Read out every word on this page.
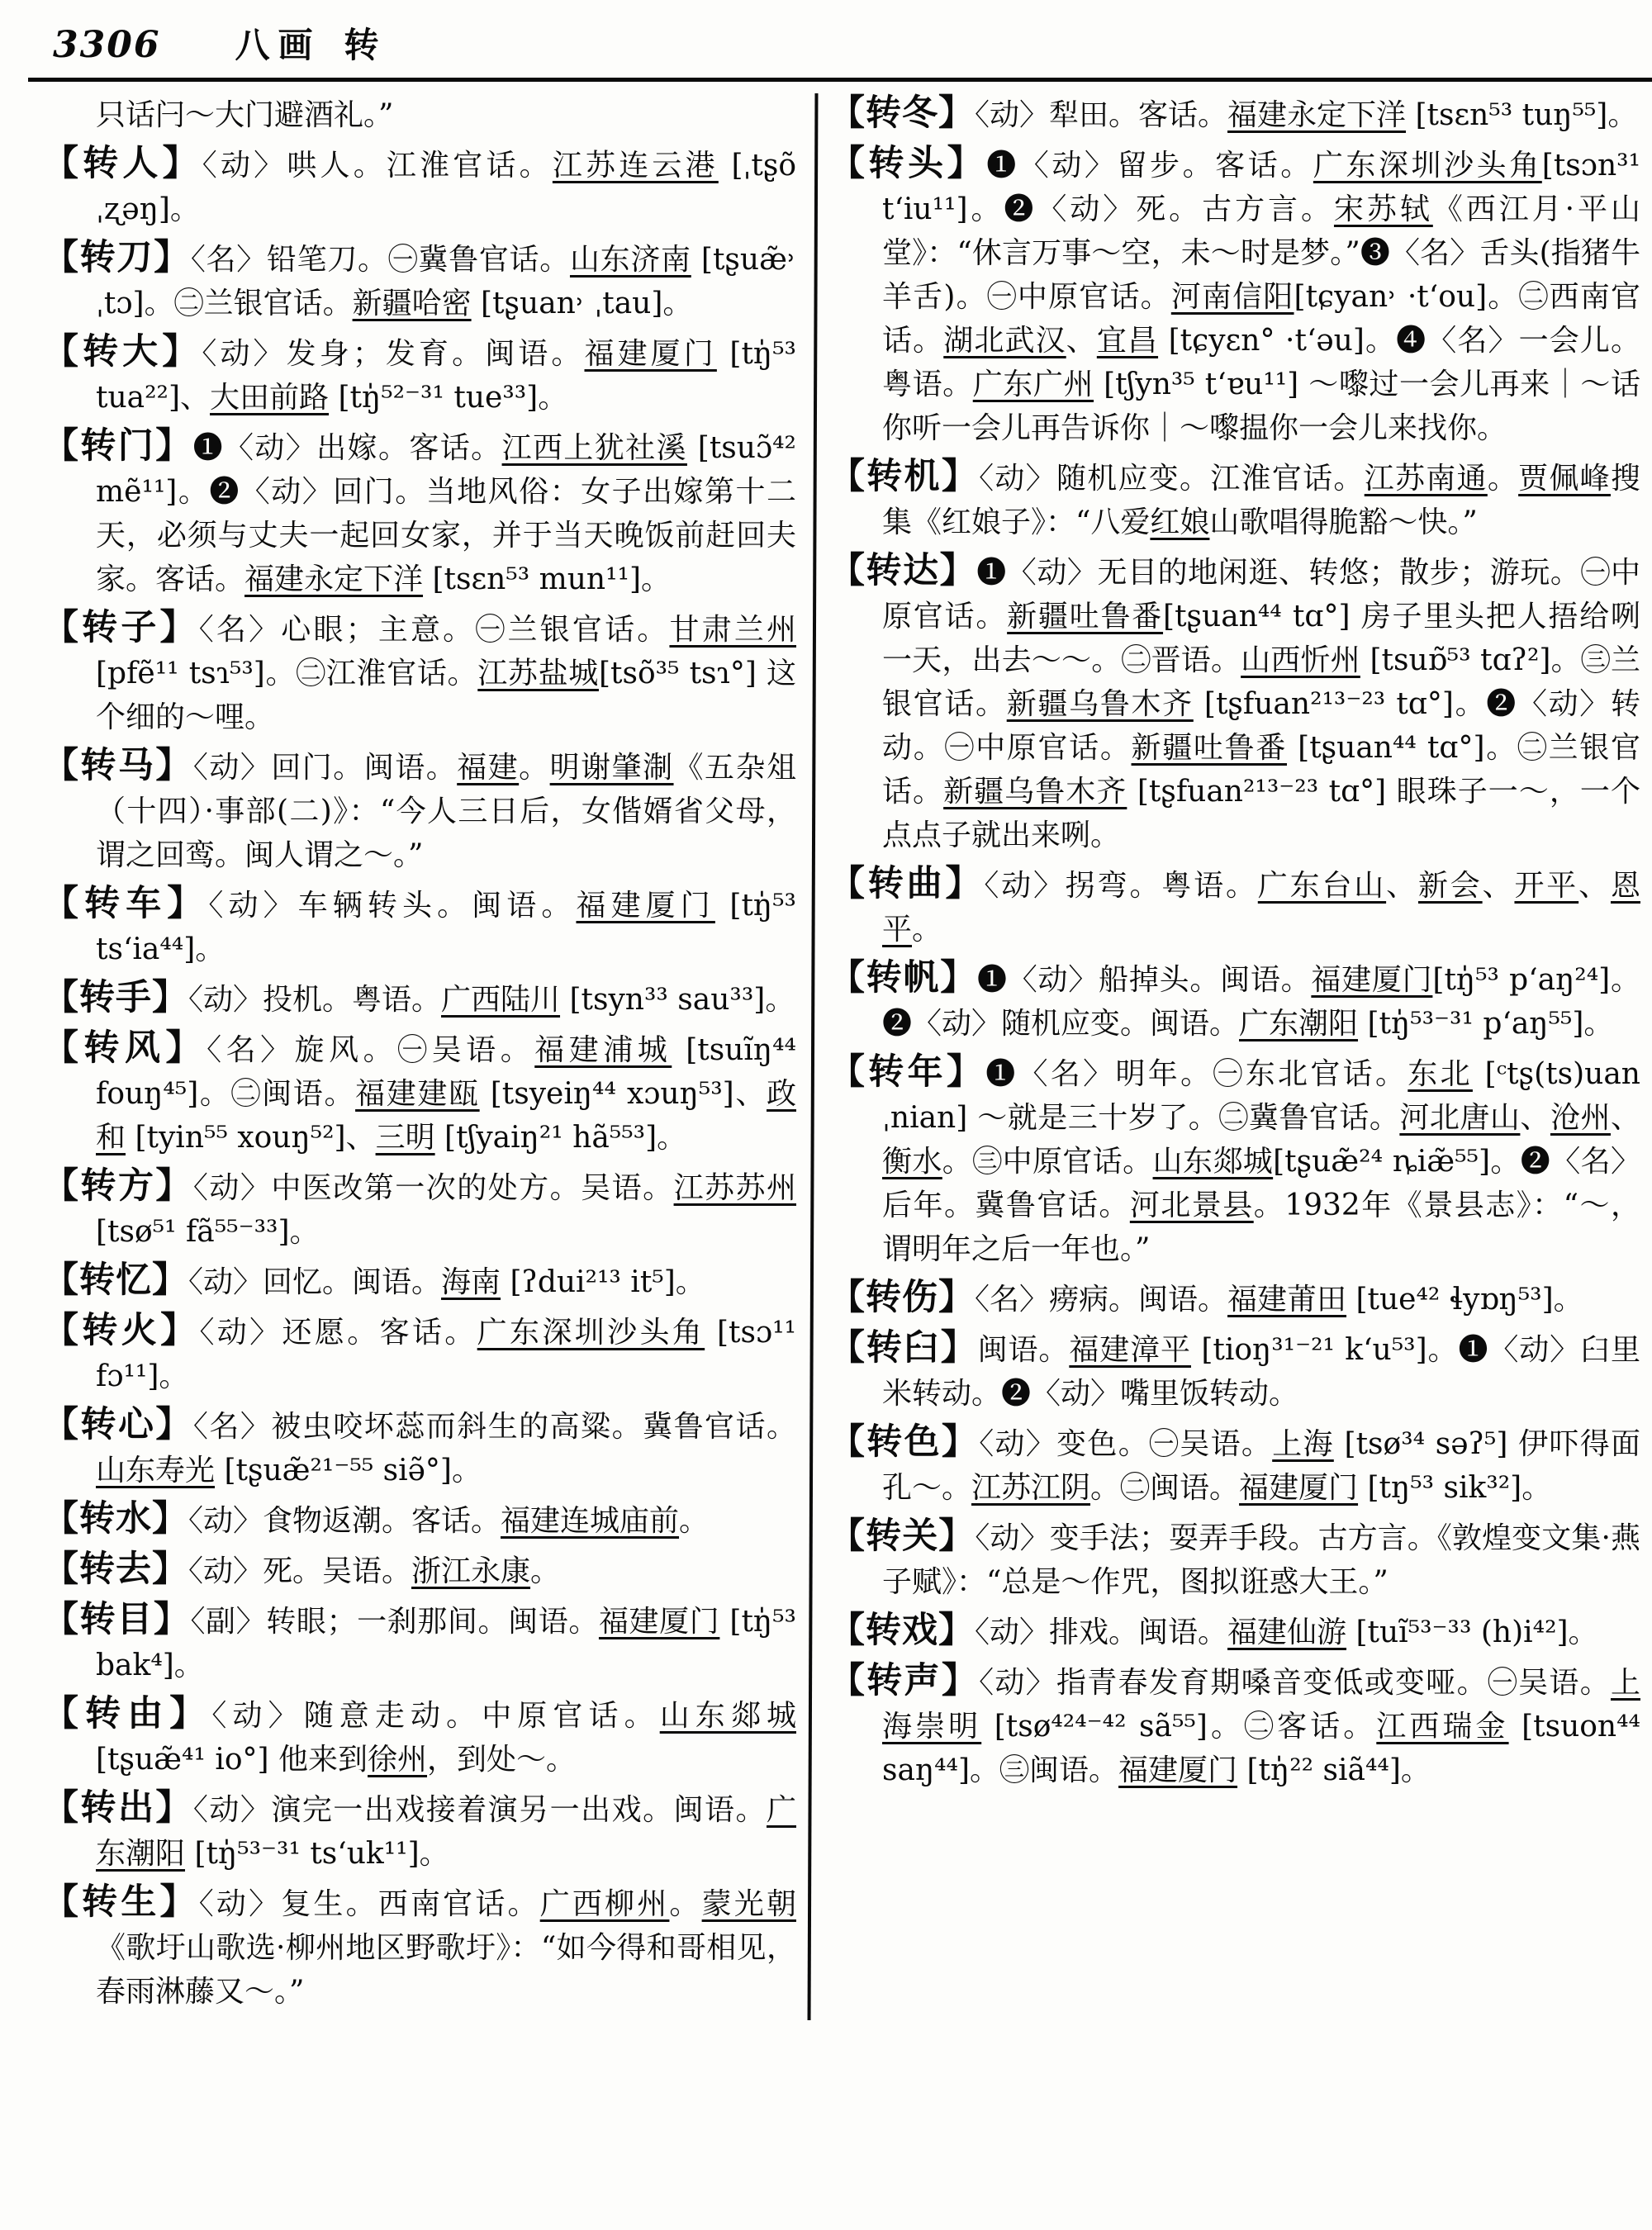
3306 八画 转
只话闩～大门避酒礼。”
【转人】〈动〉哄人。江淮官话。江苏连云港 [ˌtʂõ ˌʐəŋ]。
【转刀】〈名〉铅笔刀。㊀冀鲁官话。山东济南 [tʂuæ̃˒ ˌtɔ]。㊁兰银官话。新疆哈密 [tʂuan˒ ˌtau]。
【转大】〈动〉发身；发育。闽语。福建厦门 [tŋ̍⁵³ tua²²]、大田前路 [tŋ̍⁵²⁻³¹ tue³³]。
【转门】❶〈动〉出嫁。客话。江西上犹社溪 [tsuɔ̃⁴² mẽ¹¹]。❷〈动〉回门。当地风俗：女子出嫁第十二天，必须与丈夫一起回女家，并于当天晚饭前赶回夫家。客话。福建永定下洋 [tsɛn⁵³ mun¹¹]。
【转子】〈名〉心眼；主意。㊀兰银官话。甘肃兰州 [pfẽ¹¹ tsɿ⁵³]。㊁江淮官话。江苏盐城[tsõ³⁵ tsɿ°] 这个细的～哩。
【转马】〈动〉回门。闽语。福建。明谢肇淛《五杂俎（十四）·事部(二)》：“今人三日后，女偕婿省父母，谓之回鸾。闽人谓之～。”
【转车】〈动〉车辆转头。闽语。福建厦门 [tŋ̍⁵³ ts‘ia⁴⁴]。
【转手】〈动〉投机。粤语。广西陆川 [tsyn³³ sau³³]。
【转风】〈名〉旋风。㊀吴语。福建浦城 [tsuĩŋ⁴⁴ fouŋ⁴⁵]。㊁闽语。福建建瓯 [tsyeiŋ⁴⁴ xɔuŋ⁵³]、政和 [tyin⁵⁵ xouŋ⁵²]、三明 [tʃyaiŋ²¹ hã⁵⁵³]。
【转方】〈动〉中医改第一次的处方。吴语。江苏苏州 [tsø⁵¹ fã⁵⁵⁻³³]。
【转忆】〈动〉回忆。闽语。海南 [ʔdui²¹³ it⁵]。
【转火】〈动〉还愿。客话。广东深圳沙头角 [tsɔ¹¹ fɔ¹¹]。
【转心】〈名〉被虫咬坏蕊而斜生的高粱。冀鲁官话。山东寿光 [tʂuæ̃²¹⁻⁵⁵ siə̃°]。
【转水】〈动〉食物返潮。客话。福建连城庙前。
【转去】〈动〉死。吴语。浙江永康。
【转目】〈副〉转眼；一刹那间。闽语。福建厦门 [tŋ̍⁵³ bak⁴]。
【转由】〈动〉随意走动。中原官话。山东郯城 [tʂuæ̃⁴¹ io°] 他来到徐州，到处～。
【转出】〈动〉演完一出戏接着演另一出戏。闽语。广东潮阳 [tŋ̍⁵³⁻³¹ ts‘uk¹¹]。
【转生】〈动〉复生。西南官话。广西柳州。蒙光朝《歌圩山歌选·柳州地区野歌圩》：“如今得和哥相见，春雨淋藤又～。”
【转冬】〈动〉犁田。客话。福建永定下洋 [tsɛn⁵³ tuŋ⁵⁵]。
【转头】❶〈动〉留步。客话。广东深圳沙头角[tsɔn³¹ t‘iu¹¹]。❷〈动〉死。古方言。宋苏轼《西江月·平山堂》：“休言万事～空，未～时是梦。”❸〈名〉舌头(指猪牛羊舌)。㊀中原官话。河南信阳[tɕyan˒ ·t‘ou]。㊁西南官话。湖北武汉、宜昌 [tɕyɛn° ·t‘əu]。❹〈名〉一会儿。粤语。广东广州 [tʃyn³⁵ t‘ɐu¹¹] ～嚟过一会儿再来｜～话你听一会儿再告诉你｜～嚟揾你一会儿来找你。
【转机】〈动〉随机应变。江淮官话。江苏南通。贾佩峰搜集《红娘子》：“八爱红娘山歌唱得脆豁～快。”
【转达】❶〈动〉无目的地闲逛、转悠；散步；游玩。㊀中原官话。新疆吐鲁番[tʂuan⁴⁴ tɑ°] 房子里头把人捂给咧一天，出去～～。㊁晋语。山西忻州 [tsuɒ̃⁵³ tɑʔ²]。㊂兰银官话。新疆乌鲁木齐 [tʂfuan²¹³⁻²³ tɑ°]。❷〈动〉转动。㊀中原官话。新疆吐鲁番 [tʂuan⁴⁴ tɑ°]。㊁兰银官话。新疆乌鲁木齐 [tʂfuan²¹³⁻²³ tɑ°] 眼珠子一～，一个点点子就出来咧。
【转曲】〈动〉拐弯。粤语。广东台山、新会、开平、恩平。
【转帆】❶〈动〉船掉头。闽语。福建厦门[tŋ̍⁵³ p‘aŋ²⁴]。❷〈动〉随机应变。闽语。广东潮阳 [tŋ̍⁵³⁻³¹ p‘aŋ⁵⁵]。
【转年】❶〈名〉明年。㊀东北官话。东北 [ᶜtʂ(ts)uan ˌnian] ～就是三十岁了。㊁冀鲁官话。河北唐山、沧州、衡水。㊂中原官话。山东郯城[tʂuæ̃²⁴ ȵiæ̃⁵⁵]。❷〈名〉后年。冀鲁官话。河北景县。1932年《景县志》：“～，谓明年之后一年也。”
【转伤】〈名〉痨病。闽语。福建莆田 [tue⁴² ɬyɒŋ⁵³]。
【转臼】闽语。福建漳平 [tioŋ³¹⁻²¹ k‘u⁵³]。❶〈动〉臼里米转动。❷〈动〉嘴里饭转动。
【转色】〈动〉变色。㊀吴语。上海 [tsø³⁴ səʔ⁵] 伊吓得面孔～。江苏江阴。㊁闽语。福建厦门 [tŋ⁵³ sik³²]。
【转关】〈动〉变手法；耍弄手段。古方言。《敦煌变文集·燕子赋》：“总是～作咒，图拟诳惑大王。”
【转戏】〈动〉排戏。闽语。福建仙游 [tuĩ⁵³⁻³³ (h)i⁴²]。
【转声】〈动〉指青春发育期嗓音变低或变哑。㊀吴语。上海崇明 [tsø⁴²⁴⁻⁴² sã⁵⁵]。㊁客话。江西瑞金 [tsuon⁴⁴ saŋ⁴⁴]。㊂闽语。福建厦门 [tŋ̍²² siã⁴⁴]。
